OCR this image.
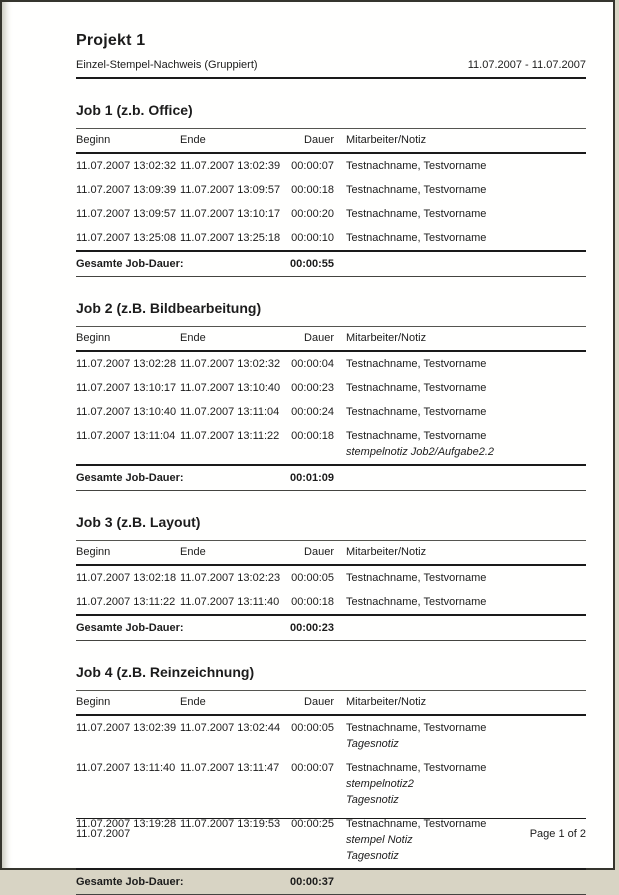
Projekt 1
Einzel-Stempel-Nachweis (Gruppiert)	11.07.2007 - 11.07.2007
Job 1 (z.b. Office)
Beginn	Ende	Dauer	Mitarbeiter/Notiz
11.07.2007 13:02:32	11.07.2007 13:02:39	00:00:07	Testnachname, Testvorname

11.07.2007 13:09:39	11.07.2007 13:09:57	00:00:18	Testnachname, Testvorname

11.07.2007 13:09:57	11.07.2007 13:10:17	00:00:20	Testnachname, Testvorname

11.07.2007 13:25:08	11.07.2007 13:25:18	00:00:10	Testnachname, Testvorname

Gesamte Job-Dauer:		00:00:55	
Job 2 (z.B. Bildbearbeitung)
Beginn	Ende	Dauer	Mitarbeiter/Notiz
11.07.2007 13:02:28	11.07.2007 13:02:32	00:00:04	Testnachname, Testvorname

11.07.2007 13:10:17	11.07.2007 13:10:40	00:00:23	Testnachname, Testvorname

11.07.2007 13:10:40	11.07.2007 13:11:04	00:00:24	Testnachname, Testvorname

11.07.2007 13:11:04	11.07.2007 13:11:22	00:00:18	Testnachname, Testvorname
stempelnotiz Job2/Aufgabe2.2

Gesamte Job-Dauer:		00:01:09	
Job 3 (z.B. Layout)
Beginn	Ende	Dauer	Mitarbeiter/Notiz
11.07.2007 13:02:18	11.07.2007 13:02:23	00:00:05	Testnachname, Testvorname

11.07.2007 13:11:22	11.07.2007 13:11:40	00:00:18	Testnachname, Testvorname

Gesamte Job-Dauer:		00:00:23	
Job 4 (z.B. Reinzeichnung)
Beginn	Ende	Dauer	Mitarbeiter/Notiz
11.07.2007 13:02:39	11.07.2007 13:02:44	00:00:05	Testnachname, Testvorname
Tagesnotiz

11.07.2007 13:11:40	11.07.2007 13:11:47	00:00:07	Testnachname, Testvorname
stempelnotiz2
Tagesnotiz

11.07.2007 13:19:28	11.07.2007 13:19:53	00:00:25	Testnachname, Testvorname
stempel Notiz
Tagesnotiz

Gesamte Job-Dauer:		00:00:37	
11.07.2007	Page 1 of 2
